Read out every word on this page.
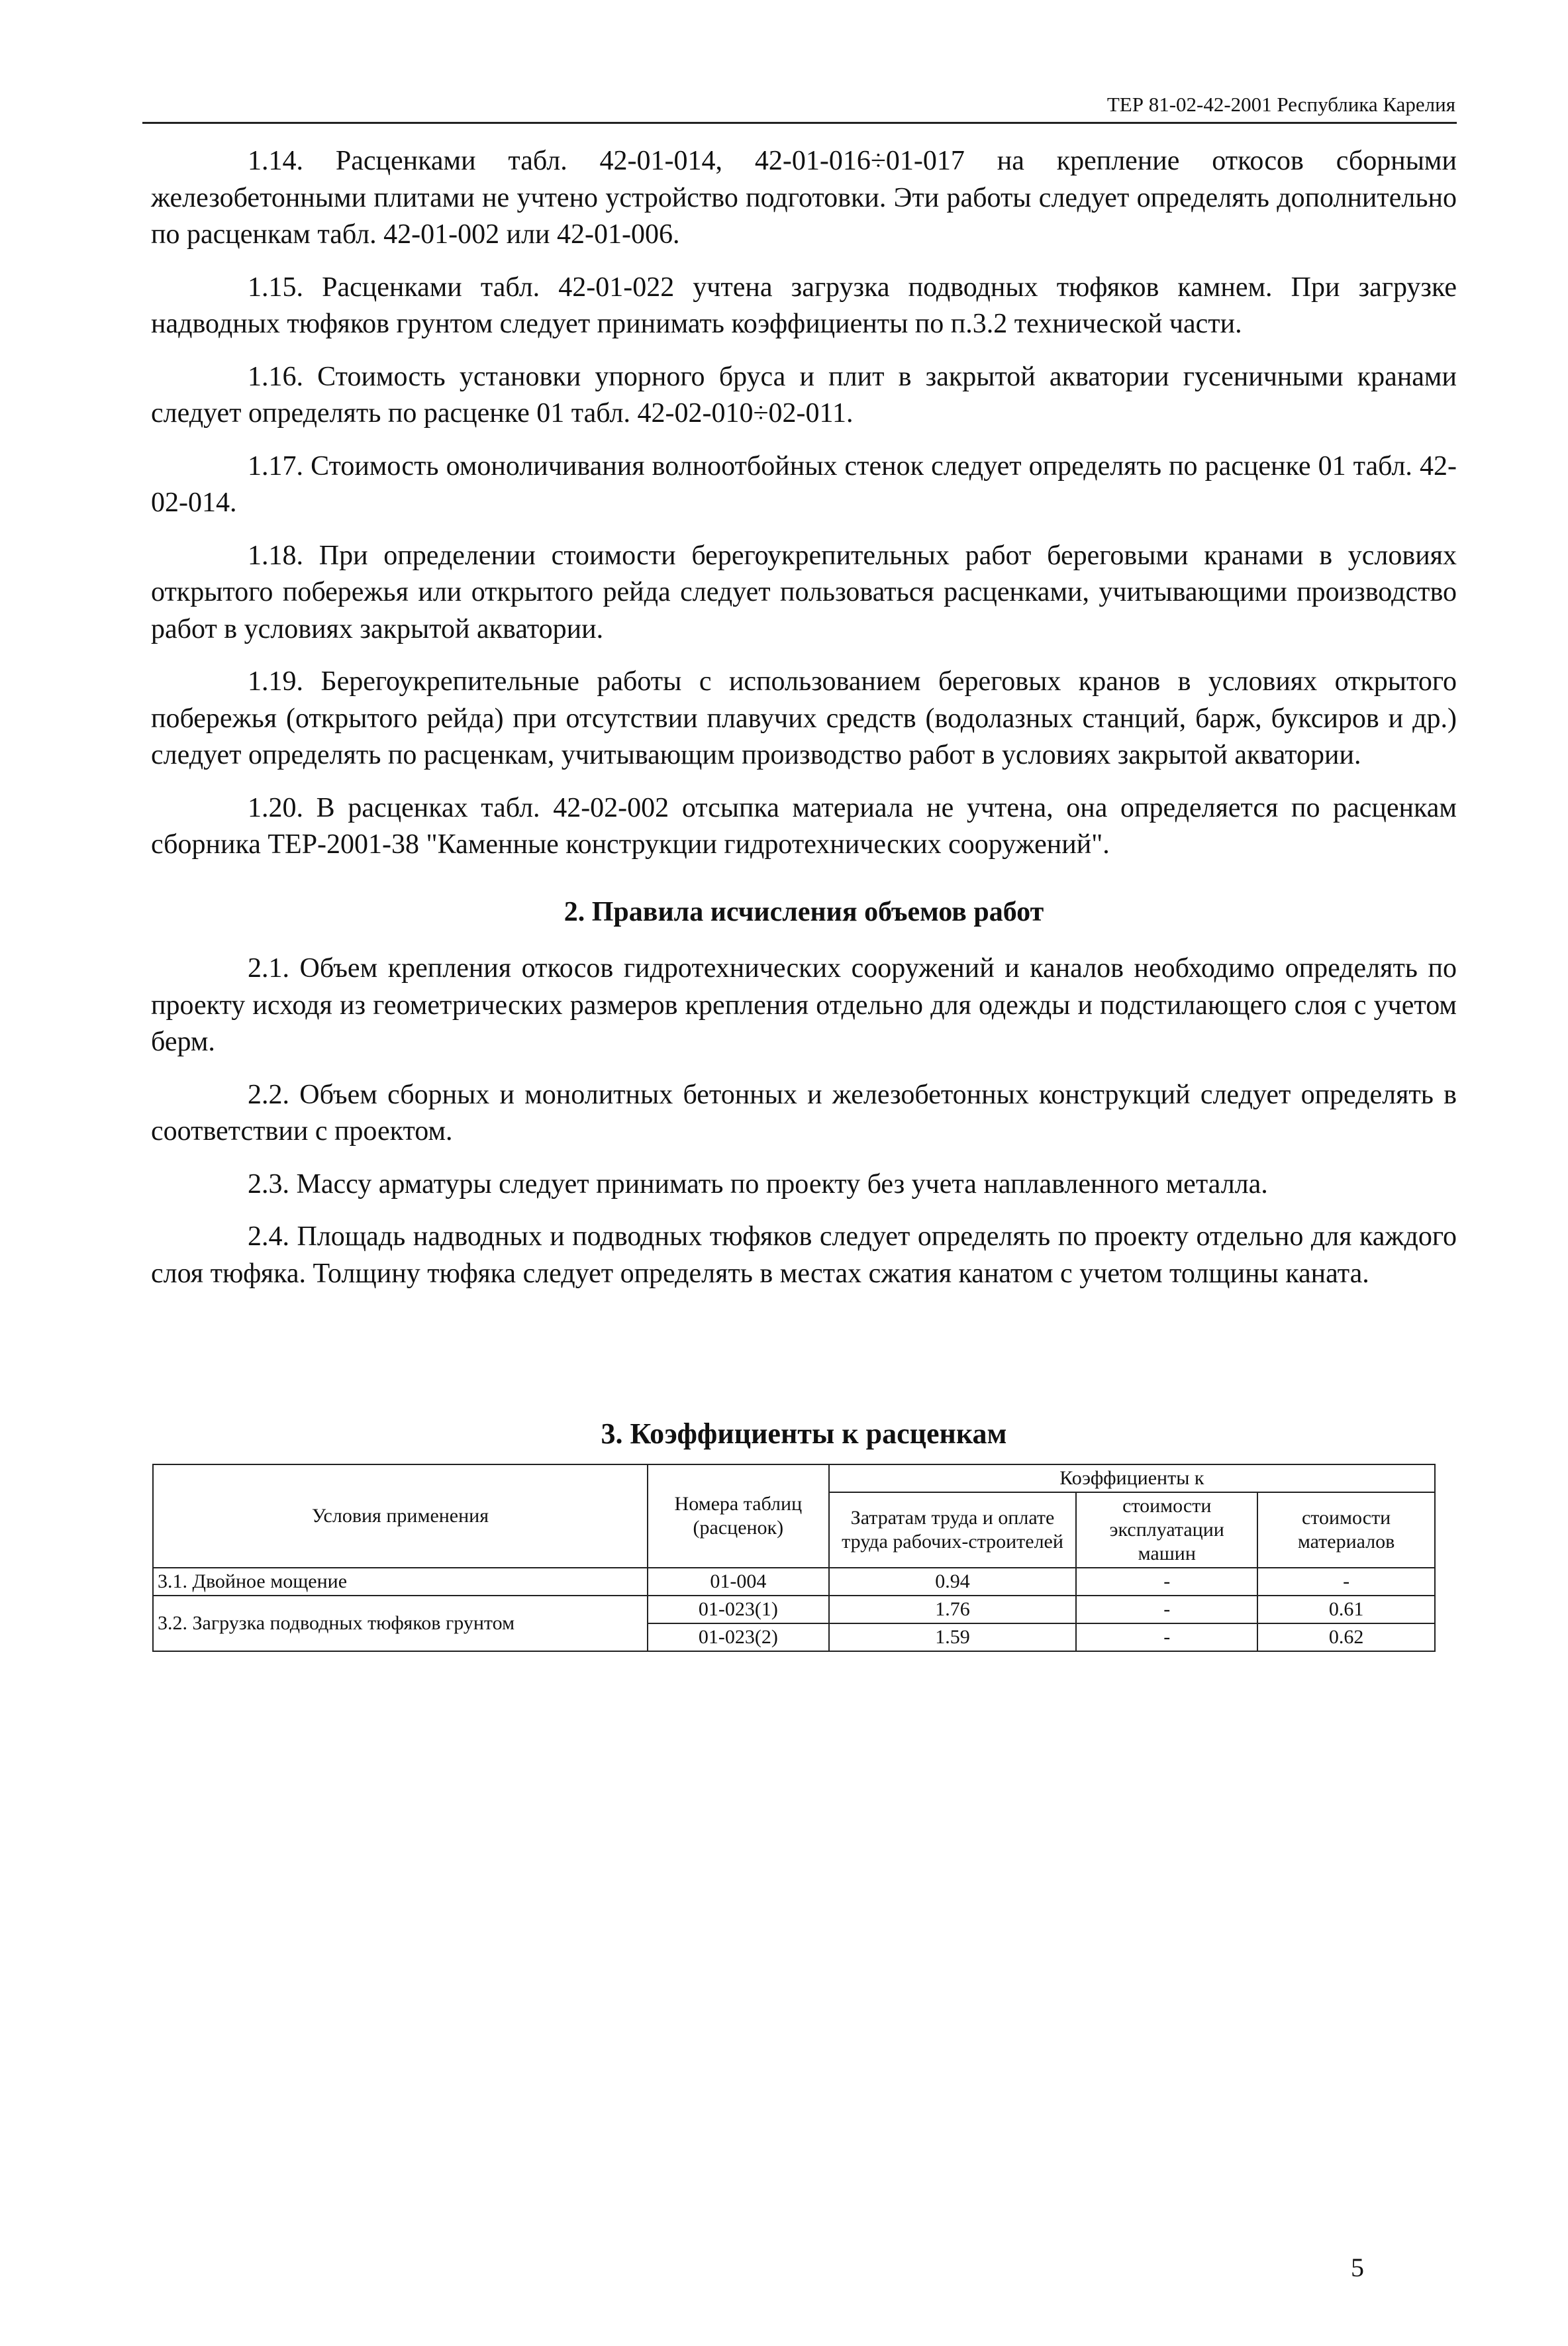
ТЕР 81-02-42-2001 Республика Карелия

1.14. Расценками табл. 42-01-014, 42-01-016÷01-017 на крепление откосов сборными железобетонными плитами не учтено устройство подготовки. Эти работы следует определять дополнительно по расценкам табл. 42-01-002 или 42-01-006.

1.15. Расценками табл. 42-01-022 учтена загрузка подводных тюфяков камнем. При загрузке надводных тюфяков грунтом следует принимать коэффициенты по п.3.2 технической части.

1.16. Стоимость установки упорного бруса и плит в закрытой акватории гусеничными кранами следует определять по расценке 01 табл. 42-02-010÷02-011.

1.17. Стоимость омоноличивания волноотбойных стенок следует определять по расценке 01 табл. 42-02-014.

1.18. При определении стоимости берегоукрепительных работ береговыми кранами в условиях открытого побережья или открытого рейда следует пользоваться расценками, учитывающими производство работ в условиях закрытой акватории.

1.19. Берегоукрепительные работы с использованием береговых кранов в условиях открытого побережья (открытого рейда) при отсутствии плавучих средств (водолазных станций, барж, буксиров и др.) следует определять по расценкам, учитывающим производство работ в условиях закрытой акватории.

1.20. В расценках табл. 42-02-002 отсыпка материала не учтена, она определяется по расценкам сборника ТЕР-2001-38 "Каменные конструкции гидротехнических сооружений".

2. Правила исчисления объемов работ

2.1. Объем крепления откосов гидротехнических сооружений и каналов необходимо определять по проекту исходя из геометрических размеров крепления отдельно для одежды и подстилающего слоя с учетом берм.

2.2. Объем сборных и монолитных бетонных и железобетонных конструкций следует определять в соответствии с проектом.

2.3. Массу арматуры следует принимать по проекту без учета наплавленного металла.

2.4. Площадь надводных и подводных тюфяков следует определять по проекту отдельно для каждого слоя тюфяка. Толщину тюфяка следует определять в местах сжатия канатом с учетом толщины каната.

3. Коэффициенты к расценкам
Условия применения	Номера таблиц (расценок)	Коэффициенты к		
		Затратам труда и оплате труда рабочих-строителей	стоимости эксплуатации машин	стоимости материалов
3.1. Двойное мощение	01-004	0.94	-	-
3.2. Загрузка подводных тюфяков грунтом	01-023(1)	1.76	-	0.61
	01-023(2)	1.59	-	0.62
5
